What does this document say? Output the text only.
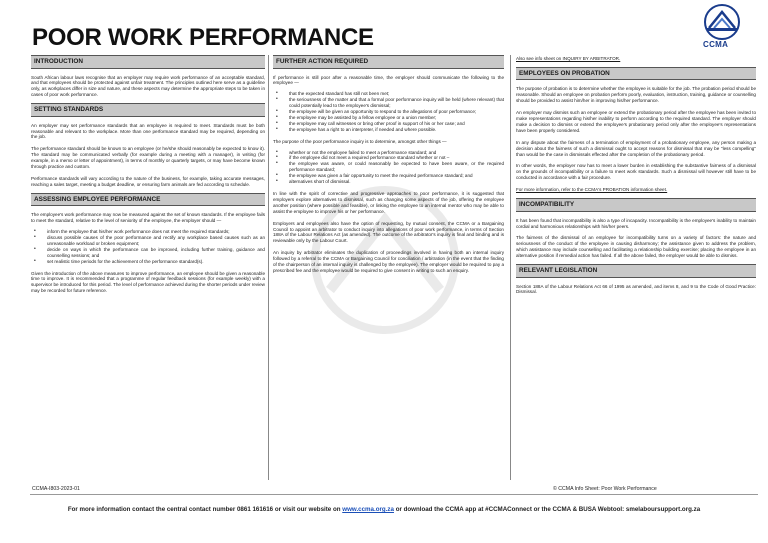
POOR WORK PERFORMANCE	CCMA
INTRODUCTION

South African labour laws recognise that an employer may require work performance of an acceptable standard, and that employees should be protected against unfair treatment. The principles outlined here serve as a guideline only, as workplaces differ in size and nature, and these aspects may determine the appropriate steps to be taken in cases of poor work performance.

SETTING STANDARDS

An employer may set performance standards that an employee is required to meet. Standards must be both reasonable and relevant to the workplace. More than one performance standard may be required, depending on the job.

The performance standard should be known to an employee (or he/she should reasonably be expected to know it). The standard may be communicated verbally (for example during a meeting with a manager), in writing (for example, in a memo or letter of appointment), in terms of monthly or quarterly targets, or may have become known through practice and custom.

Performance standards will vary according to the nature of the business, for example, taking accurate messages, reaching a sales target, meeting a budget deadline, or ensuring farm animals are fed according to schedule.

ASSESSING EMPLOYEE PERFORMANCE

The employee's work performance may now be measured against the set of known standards. If the employee fails to meet the standard, relative to the level of seniority of the employee, the employer should —

• inform the employee that his/her work performance does not meet the required standards;
• discuss possible causes of the poor performance and rectify any workplace based causes such as an unreasonable workload or broken equipment;
• decide on ways in which the performance can be improved, including further training, guidance and counselling sessions; and
• set realistic time periods for the achievement of the performance standard(s).

Given the introduction of the above measures to improve performance, an employee should be given a reasonable time to improve. It is recommended that a programme of regular feedback sessions (for example weekly) with a supervisor be introduced for this period. The level of performance achieved during the shorter periods under review may be recorded for future reference.

FURTHER ACTION REQUIRED

If performance is still poor after a reasonable time, the employer should communicate the following to the employee —

• that the expected standard has still not been met;
• the seriousness of the matter and that a formal poor performance inquiry will be held (where relevant) that could potentially lead to the employee's dismissal;
• the employee will be given an opportunity to respond to the allegations of poor performance;
• the employee may be assisted by a fellow employee or a union member;
• the employee may call witnesses or bring other proof in support of his or her case; and
• the employee has a right to an interpreter, if needed and where possible.

The purpose of the poor performance inquiry is to determine, amongst other things —

• whether or not the employee failed to meet a performance standard; and
• if the employee did not meet a required performance standard whether or not –
• the employee was aware, or could reasonably be expected to have been aware, or the required performance standard;
• the employee was given a fair opportunity to meet the required performance standard; and
• alternatives short of dismissal.

In line with the spirit of corrective and progressive approaches to poor performance, it is suggested that employers explore alternatives to dismissal, such as changing some aspects of the job, offering the employee another position (where possible and feasible), or linking the employee to an internal mentor who may be able to assist the employee to improve his or her performance.

Employers and employees also have the option of requesting, by mutual consent, the CCMA or a Bargaining Council to appoint an arbitrator to conduct inquiry into allegations of poor work performance, in terms of Section 188A of the Labour Relations Act (as amended). The outcome of the arbitrator's inquiry is final and binding and is reviewable only by the Labour Court.

An inquiry by arbitrator eliminates the duplication of proceedings involved in having both an internal inquiry followed by a referral to the CCMA or Bargaining Council for conciliation / arbitration (in the event that the finding of the chairperson of an internal inquiry is challenged by the employee). The employer would be required to pay a prescribed fee and the employee would be required to give consent in writing to such an enquiry.

Also see info sheet on INQUIRY BY ARBITRATOR.

EMPLOYEES ON PROBATION

The purpose of probation is to determine whether the employee is suitable for the job. The probation period should be reasonable. Should an employee on probation perform poorly, evaluation, instruction, training, guidance or counselling should be provided to assist him/her in improving his/her performance.

An employer may dismiss such an employee or extend the probationary period after the employee has been invited to make representations regarding his/her inability to perform according to the required standard. The employer should make a decision to dismiss or extend the employee's probationary period only after the employee's representations have been properly considered.

In any dispute about the fairness of a termination of employment of a probationary employee, any person making a decision about the fairness of such a dismissal ought to accept reasons for dismissal that may be "less compelling" than would be the case in dismissals effected after the completion of the probationary period.

In other words, the employer now has to meet a lower burden in establishing the substantive fairness of a dismissal on the grounds of incompatibility or a failure to meet work standards. Such a dismissal will however still have to be conducted in accordance with a fair procedure.

For more information, refer to the CCMA's PROBATION information sheet.

INCOMPATIBILITY

It has been found that incompatibility is also a type of incapacity. Incompatibility is the employee's inability to maintain cordial and harmonious relationships with his/her peers.

The fairness of the dismissal of an employee for incompatibility turns on a variety of factors: the nature and seriousness of the conduct of the employee in causing disharmony; the assistance given to address the problem, which assistance may include counselling and facilitating a relationship building exercise; placing the employee in an alternative position if remedial action has failed. If all the above failed, the employer would be able to dismiss.

RELEVANT LEGISLATION

Section 188A of the Labour Relations Act 66 of 1995 as amended, and items 8, and 9 to the Code of Good Practice: Dismissal.

CCMA-I803-2023-01	© CCMA Info Sheet: Poor Work Performance
For more information contact the central contact number 0861 161616 or visit our website on www.ccma.org.za or download the CCMA app at #CCMAConnect or the CCMA & BUSA Webtool: smelaboursupport.org.za
